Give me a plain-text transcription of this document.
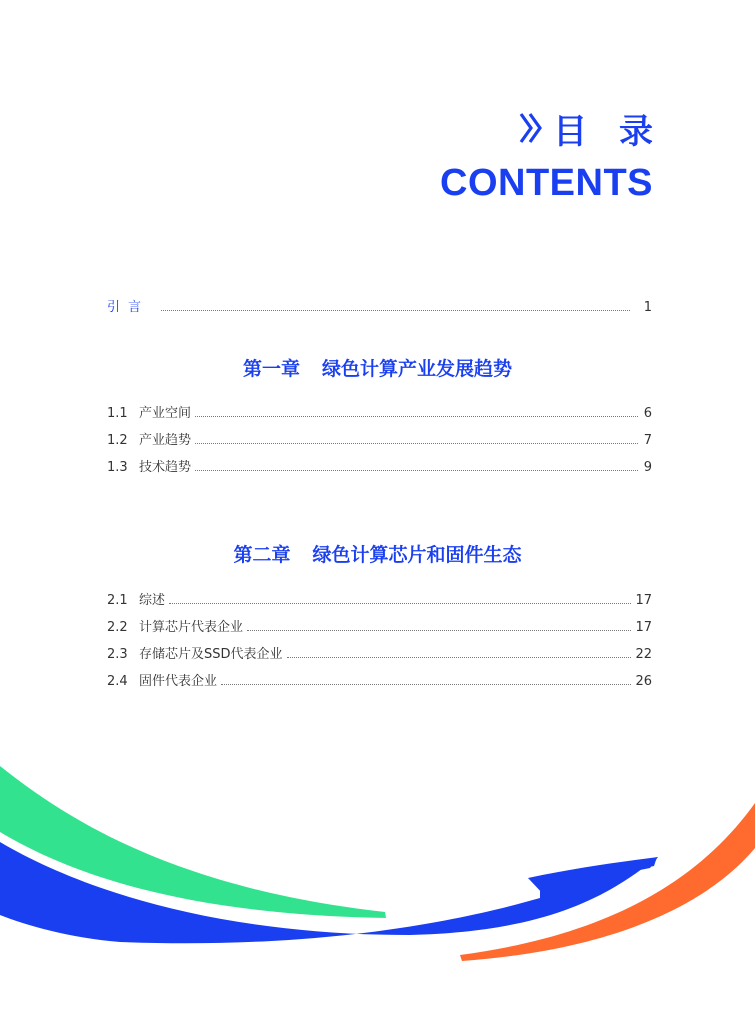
目 录
CONTENTS
引言	1
第一章 绿色计算产业发展趋势
1.1 产业空间	6
1.2 产业趋势	7
1.3 技术趋势	9
第二章 绿色计算芯片和固件生态
2.1 综述	17
2.2 计算芯片代表企业	17
2.3 存储芯片及SSD代表企业	22
2.4 固件代表企业	26
